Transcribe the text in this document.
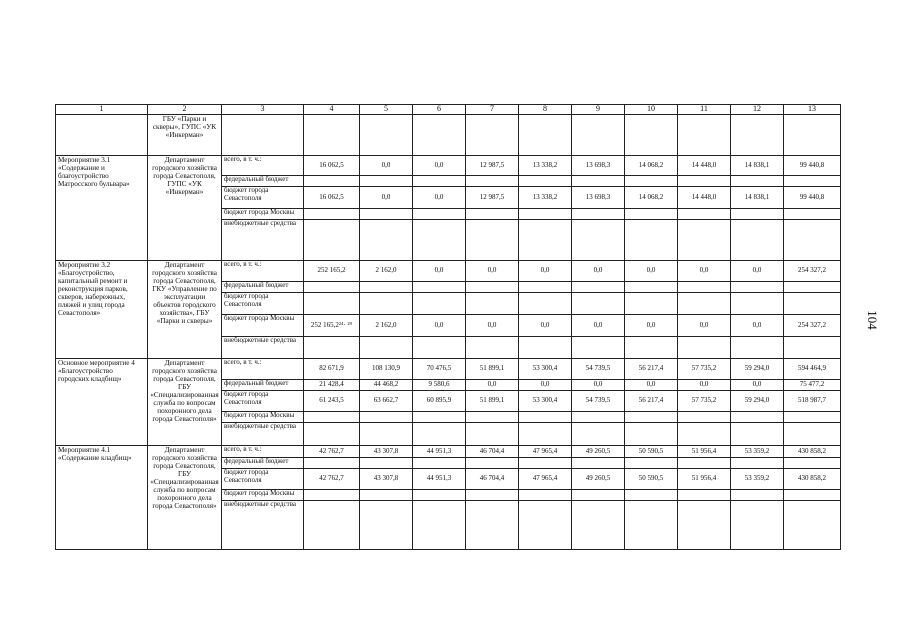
1	2	3	4	5	6	7	8	9	10	11	12	13
	ГБУ «Парки и скверы», ГУПС «УК «Инкерман»											
Мероприятие 3.1 «Содержание и благоустройство Матросского бульвара»	Департамент городского хозяйства города Севастополя, ГУПС «УК «Инкерман»	всего, в т. ч.:	16 062,5	0,0	0,0	12 987,5	13 338,2	13 698,3	14 068,2	14 448,0	14 838,1	99 440,8
		федеральный бюджет										
		бюджет города Севастополя	16 062,5	0,0	0,0	12 987,5	13 338,2	13 698,3	14 068,2	14 448,0	14 838,1	99 440,8
		бюджет города Москвы										
		внебюджетные средства										
Мероприятие 3.2 «Благоустройство, капитальный ремонт и реконструкция парков, скверов, набережных, пляжей и улиц города Севастополя»	Департамент городского хозяйства города Севастополя, ГКУ «Управление по эксплуатации объектов городского хозяйства», ГБУ «Парки и скверы»	всего, в т. ч.:	252 165,2	2 162,0	0,0	0,0	0,0	0,0	0,0	0,0	0,0	254 327,2
		федеральный бюджет										
		бюджет города Севастополя										
		бюджет города Москвы	252 165,2²⁴· ²⁹	2 162,0	0,0	0,0	0,0	0,0	0,0	0,0	0,0	254 327,2
		внебюджетные средства										
Основное мероприятие 4 «Благоустройство городских кладбищ»	Департамент городского хозяйства города Севастополя, ГБУ «Специализированная служба по вопросам похоронного дела города Севастополя»	всего, в т. ч.:	82 671,9	108 130,9	70 476,5	51 899,1	53 300,4	54 739,5	56 217,4	57 735,2	59 294,0	594 464,9
		федеральный бюджет	21 428,4	44 468,2	9 580,6	0,0	0,0	0,0	0,0	0,0	0,0	75 477,2
		бюджет города Севастополя	61 243,5	63 662,7	60 895,9	51 899,1	53 300,4	54 739,5	56 217,4	57 735,2	59 294,0	518 987,7
		бюджет города Москвы										
		внебюджетные средства										
Мероприятие 4.1 «Содержание кладбищ»	Департамент городского хозяйства города Севастополя, ГБУ «Специализированная служба по вопросам похоронного дела города Севастополя»	всего, в т. ч.:	42 762,7	43 307,8	44 951,3	46 704,4	47 965,4	49 260,5	50 590,5	51 956,4	53 359,2	430 858,2
		федеральный бюджет										
		бюджет города Севастополя	42 762,7	43 307,8	44 951,3	46 704,4	47 965,4	49 260,5	50 590,5	51 956,4	53 359,2	430 858,2
		бюджет города Москвы										
		внебюджетные средства										
104
